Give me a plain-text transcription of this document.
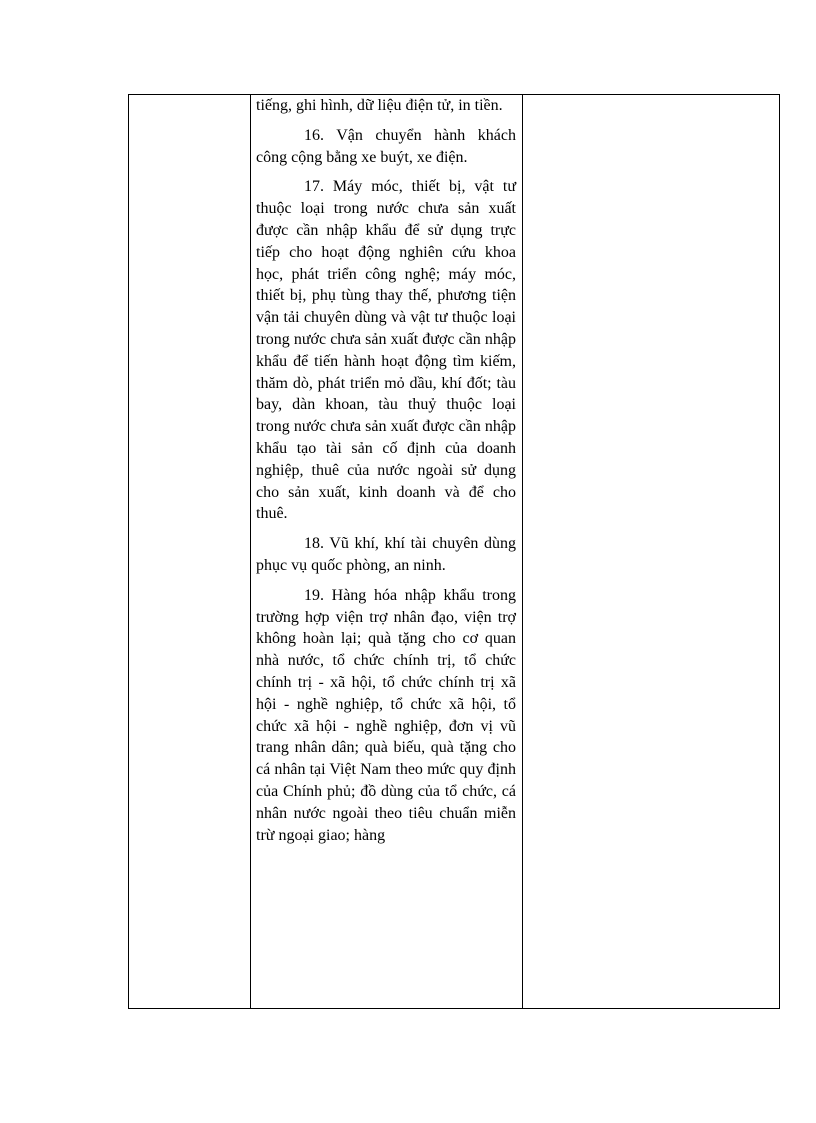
tiếng, ghi hình, dữ liệu điện tử, in tiền.

16. Vận chuyển hành khách công cộng bằng xe buýt, xe điện.

17. Máy móc, thiết bị, vật tư thuộc loại trong nước chưa sản xuất được cần nhập khẩu để sử dụng trực tiếp cho hoạt động nghiên cứu khoa học, phát triển công nghệ; máy móc, thiết bị, phụ tùng thay thế, phương tiện vận tải chuyên dùng và vật tư thuộc loại trong nước chưa sản xuất được cần nhập khẩu để tiến hành hoạt động tìm kiếm, thăm dò, phát triển mỏ dầu, khí đốt; tàu bay, dàn khoan, tàu thuỷ thuộc loại trong nước chưa sản xuất được cần nhập khẩu tạo tài sản cố định của doanh nghiệp, thuê của nước ngoài sử dụng cho sản xuất, kinh doanh và để cho thuê.

18. Vũ khí, khí tài chuyên dùng phục vụ quốc phòng, an ninh.

19. Hàng hóa nhập khẩu trong trường hợp viện trợ nhân đạo, viện trợ không hoàn lại; quà tặng cho cơ quan nhà nước, tổ chức chính trị, tổ chức chính trị - xã hội, tổ chức chính trị xã hội - nghề nghiệp, tổ chức xã hội, tổ chức xã hội - nghề nghiệp, đơn vị vũ trang nhân dân; quà biếu, quà tặng cho cá nhân tại Việt Nam theo mức quy định của Chính phủ; đồ dùng của tổ chức, cá nhân nước ngoài theo tiêu chuẩn miễn trừ ngoại giao; hàng
